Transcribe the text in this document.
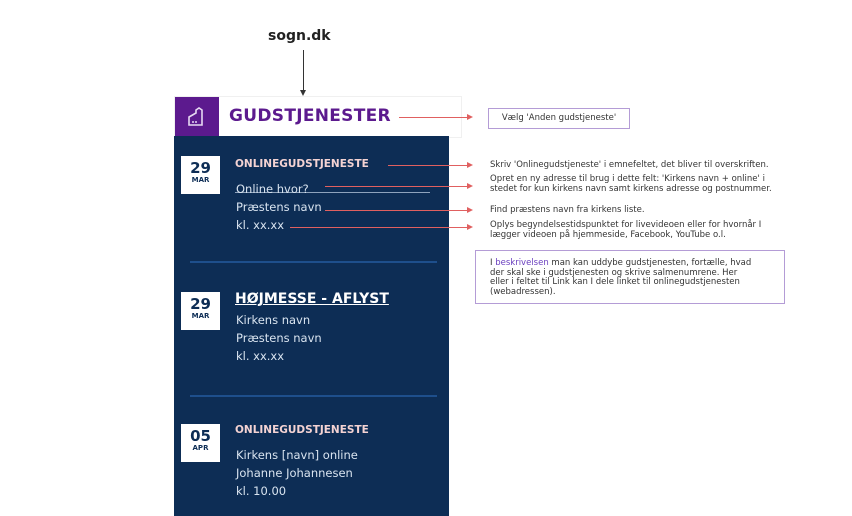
sogn.dk
GUDSTJENESTER
29
MAR
ONLINEGUDSTJENESTE
Online hvor?
Præstens navn
kl. xx.xx
29
MAR
HØJMESSE - AFLYST
Kirkens navn
Præstens navn
kl. xx.xx
05
APR
ONLINEGUDSTJENESTE
Kirkens [navn] online
Johanne Johannesen
kl. 10.00
Vælg 'Anden gudstjeneste'
Skriv 'Onlinegudstjeneste' i emnefeltet, det bliver til overskriften.
Opret en ny adresse til brug i dette felt: 'Kirkens navn + online' i
stedet for kun kirkens navn samt kirkens adresse og postnummer.
Find præstens navn fra kirkens liste.
Oplys begyndelsestidspunktet for livevideoen eller for hvornår I
lægger videoen på hjemmeside, Facebook, YouTube o.l.
I beskrivelsen man kan uddybe gudstjenesten, fortælle, hvad
der skal ske i gudstjenesten og skrive salmenumrene. Her
eller i feltet til Link kan I dele linket til onlinegudstjenesten
(webadressen).
